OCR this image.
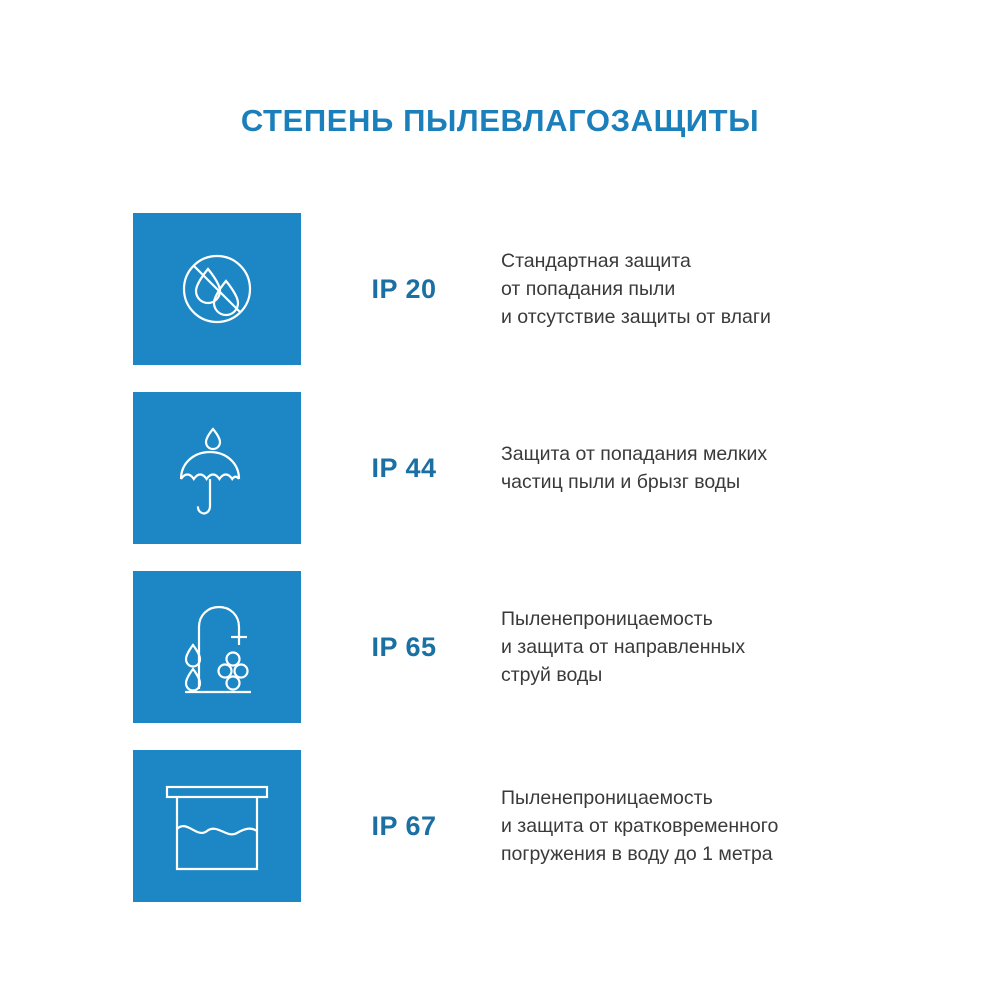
СТЕПЕНЬ ПЫЛЕВЛАГОЗАЩИТЫ
IP 20
Стандартная защита
от попадания пыли
и отсутствие защиты от влаги
IP 44	Защита от попадания мелких
частиц пыли и брызг воды
IP 65
Пыленепроницаемость
и защита от направленных
струй воды
IP 67
Пыленепроницаемость
и защита от кратковременного
погружения в воду до 1 метра
